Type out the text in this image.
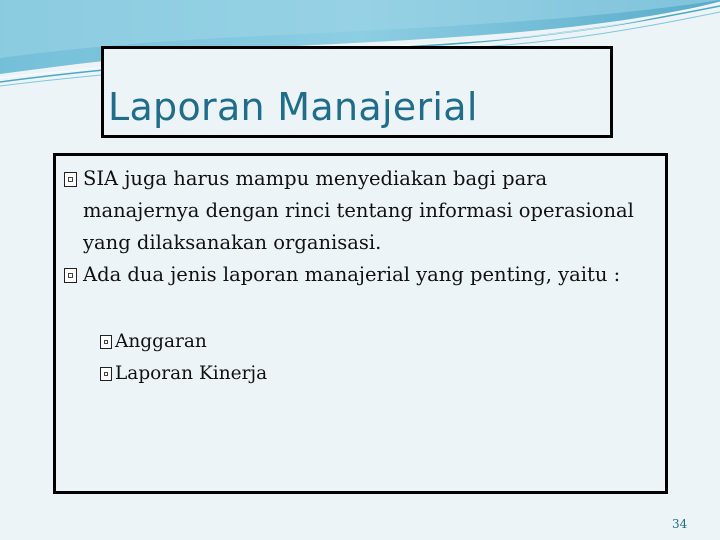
Laporan Manajerial
SIA juga harus mampu menyediakan bagi para manajernya dengan rinci tentang informasi operasional yang dilaksanakan organisasi.
Ada dua jenis laporan manajerial yang penting, yaitu :
Anggaran
Laporan Kinerja
34
